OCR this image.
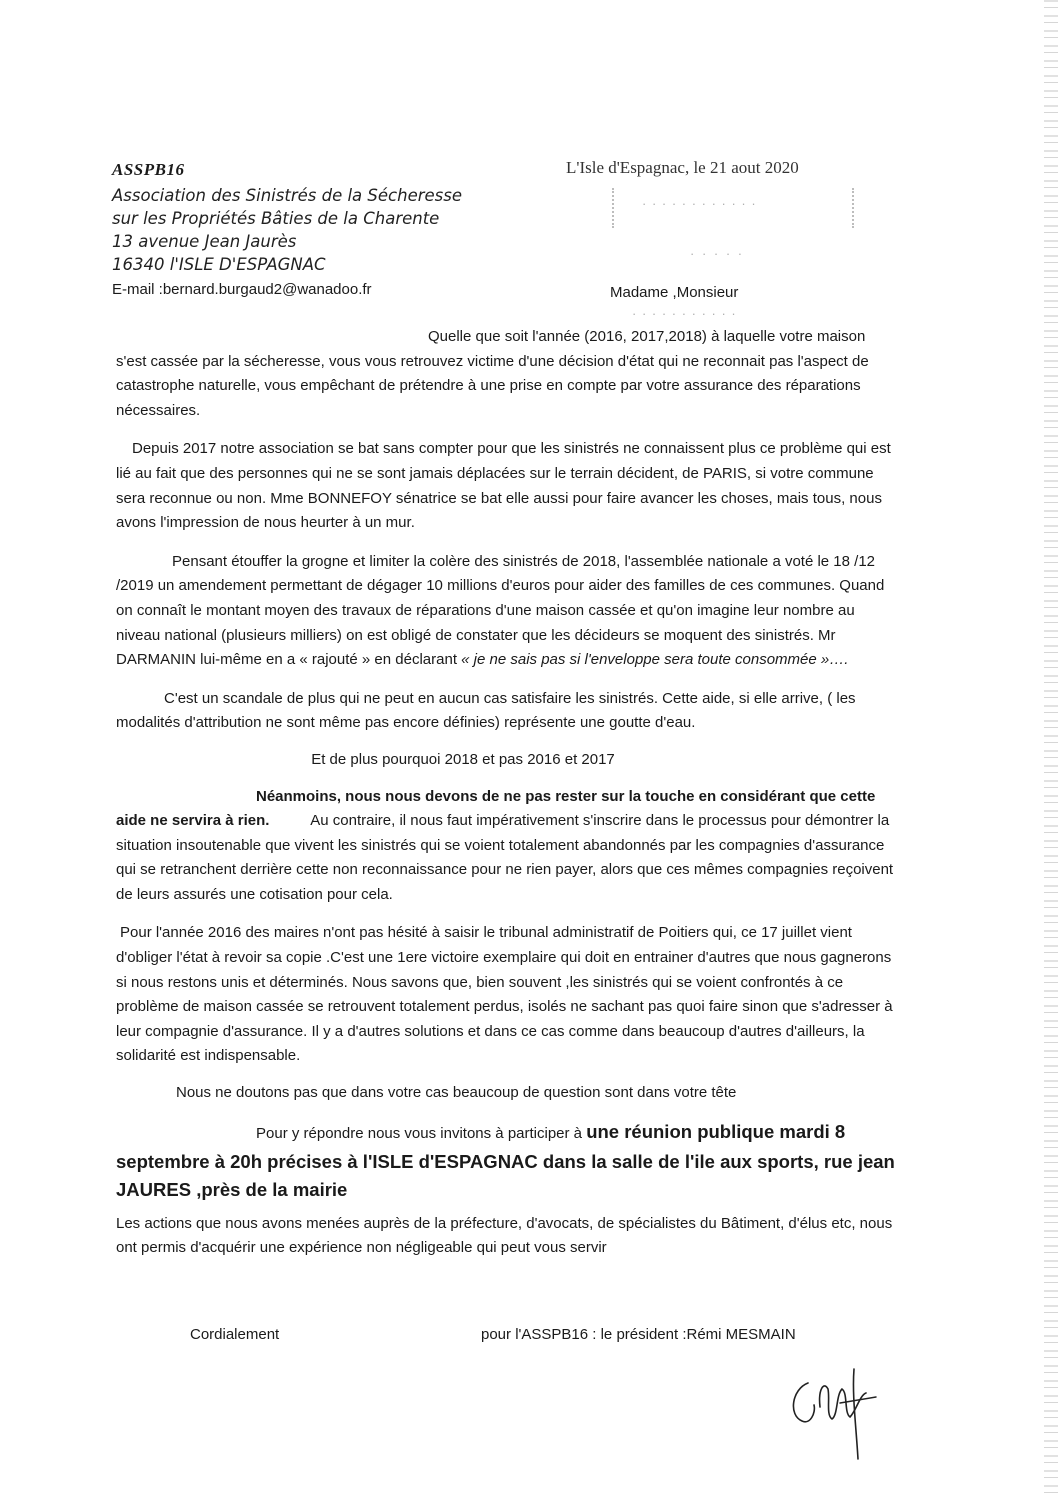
ASSPB16
Association des Sinistrés de la Sécheresse
sur les Propriétés Bâties de la Charente
13 avenue Jean Jaurès
16340 l'ISLE D'ESPAGNAC
E-mail :bernard.burgaud2@wanadoo.fr
L'Isle d'Espagnac, le 21 aout 2020
· · · · · · · · · · · ·
· · · · ·
· · · · · · · · · · ·
Madame ,Monsieur

Quelle que soit l'année (2016, 2017,2018) à laquelle votre maison s'est cassée par la sécheresse, vous vous retrouvez victime d'une décision d'état qui ne reconnait pas l'aspect de catastrophe naturelle, vous empêchant de prétendre à une prise en compte par votre assurance des réparations nécessaires.

Depuis 2017 notre association se bat sans compter pour que les sinistrés ne connaissent plus ce problème qui est lié au fait que des personnes qui ne se sont jamais déplacées sur le terrain décident, de PARIS, si votre commune sera reconnue ou non. Mme BONNEFOY sénatrice se bat elle aussi pour faire avancer les choses, mais tous, nous avons l'impression de nous heurter à un mur.

Pensant étouffer la grogne et limiter la colère des sinistrés de 2018, l'assemblée nationale a voté le 18 /12 /2019 un amendement permettant de dégager 10 millions d'euros pour aider des familles de ces communes. Quand on connaît le montant moyen des travaux de réparations d'une maison cassée et qu'on imagine leur nombre au niveau national (plusieurs milliers) on est obligé de constater que les décideurs se moquent des sinistrés. Mr DARMANIN lui-même en a « rajouté » en déclarant « je ne sais pas si l'enveloppe sera toute consommée »….

C'est un scandale de plus qui ne peut en aucun cas satisfaire les sinistrés. Cette aide, si elle arrive, ( les modalités d'attribution ne sont même pas encore définies) représente une goutte d'eau.

Et de plus pourquoi 2018 et pas 2016 et 2017

Néanmoins, nous nous devons de ne pas rester sur la touche en considérant que cette aide ne servira à rien.          Au contraire, il nous faut impérativement s'inscrire dans le processus pour démontrer la situation insoutenable que vivent les sinistrés qui se voient totalement abandonnés par les compagnies d'assurance qui se retranchent derrière cette non reconnaissance pour ne rien payer, alors que ces mêmes compagnies reçoivent de leurs assurés une cotisation pour cela.

Pour l'année 2016 des maires n'ont pas hésité à saisir le tribunal administratif de Poitiers qui, ce 17 juillet vient d'obliger l'état à revoir sa copie .C'est une 1ere victoire exemplaire qui doit en entrainer d'autres que nous gagnerons si nous restons unis et déterminés. Nous savons que, bien souvent ,les sinistrés qui se voient confrontés à ce problème de maison cassée se retrouvent totalement perdus, isolés ne sachant pas quoi faire sinon que s'adresser à leur compagnie d'assurance. Il y a d'autres solutions et dans ce cas comme dans beaucoup d'autres d'ailleurs, la solidarité est indispensable.

Nous ne doutons pas que dans votre cas beaucoup de question sont dans votre tête

Pour y répondre nous vous invitons à participer à une réunion publique mardi 8 septembre à 20h précises à l'ISLE d'ESPAGNAC dans la salle de l'ile aux sports, rue jean JAURES ,près de la mairie

Les actions que nous avons menées auprès de la préfecture, d'avocats, de spécialistes du Bâtiment, d'élus etc, nous ont permis d'acquérir une expérience non négligeable qui peut vous servir

Cordialement	pour l'ASSPB16 : le président :Rémi MESMAIN
